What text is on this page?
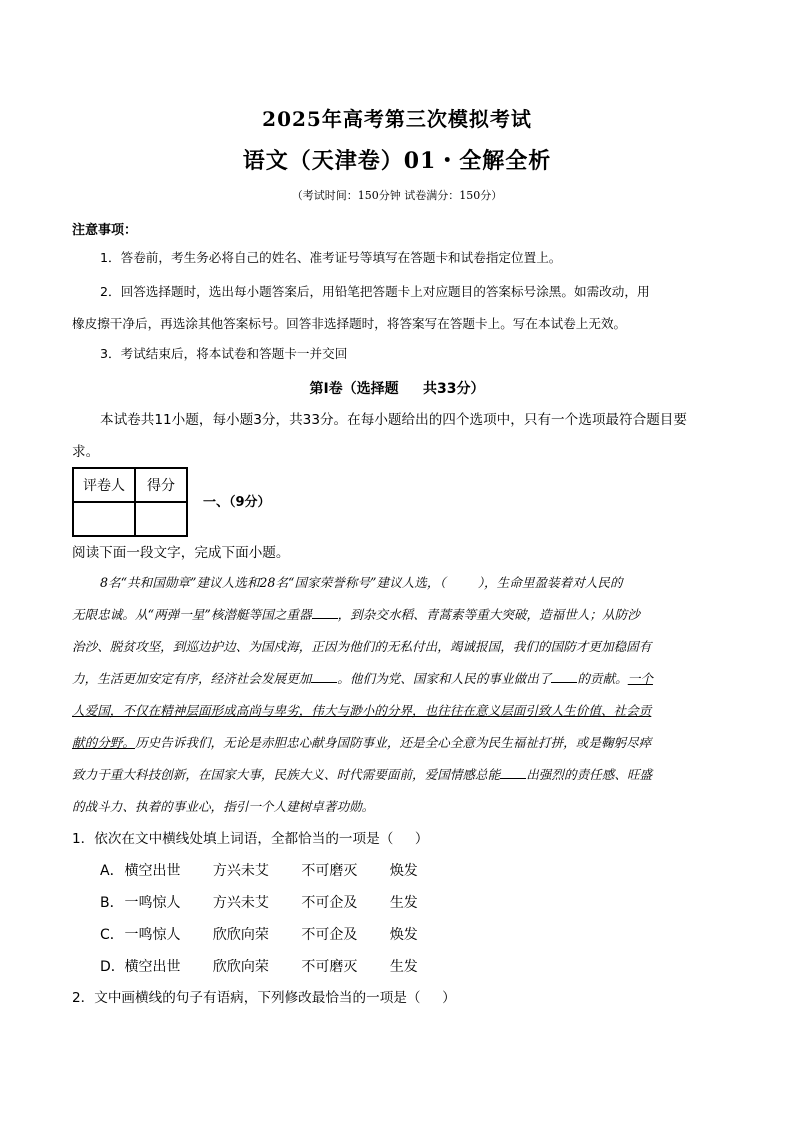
2025年高考第三次模拟考试
语文（天津卷）01・全解全析
（考试时间：150分钟 试卷满分：150分）
注意事项：
1．答卷前，考生务必将自己的姓名、准考证号等填写在答题卡和试卷指定位置上。
2．回答选择题时，选出每小题答案后，用铅笔把答题卡上对应题目的答案标号涂黑。如需改动，用
橡皮擦干净后，再选涂其他答案标号。回答非选择题时，将答案写在答题卡上。写在本试卷上无效。
3．考试结束后，将本试卷和答题卡一并交回
第Ⅰ卷（选择题     共33分）
本试卷共11小题，每小题3分，共33分。在每小题给出的四个选项中，只有一个选项最符合题目要
求。
评卷人	得分

一、（9分）
阅读下面一段文字，完成下面小题。
8名“共和国勋章”建议人选和28名“国家荣誉称号”建议人选，（        ），生命里盈装着对人民的
无限忠诚。从“两弹一星”核潜艇等国之重器 ，到杂交水稻、青蒿素等重大突破，造福世人；从防沙
治沙、脱贫攻坚，到巡边护边、为国戍海，正因为他们的无私付出，竭诚报国，我们的国防才更加稳固有
力，生活更加安定有序，经济社会发展更加 。他们为党、国家和人民的事业做出了 的贡献。一个
人爱国，不仅在精神层面形成高尚与卑劣，伟大与渺小的分界，也往往在意义层面引致人生价值、社会贡
献的分野。历史告诉我们，无论是赤胆忠心献身国防事业，还是全心全意为民生福祉打拼，或是鞠躬尽瘁
致力于重大科技创新，在国家大事，民族大义、时代需要面前，爱国情感总能 出强烈的责任感、旺盛
的战斗力、执着的事业心，指引一个人建树卓著功勋。
1．依次在文中横线处填上词语，全都恰当的一项是（     ）
A． 横空出世 方兴未艾 不可磨灭 焕发
B． 一鸣惊人 方兴未艾 不可企及 生发
C． 一鸣惊人 欣欣向荣 不可企及 焕发
D． 横空出世 欣欣向荣 不可磨灭 生发
2．文中画横线的句子有语病，下列修改最恰当的一项是（     ）
